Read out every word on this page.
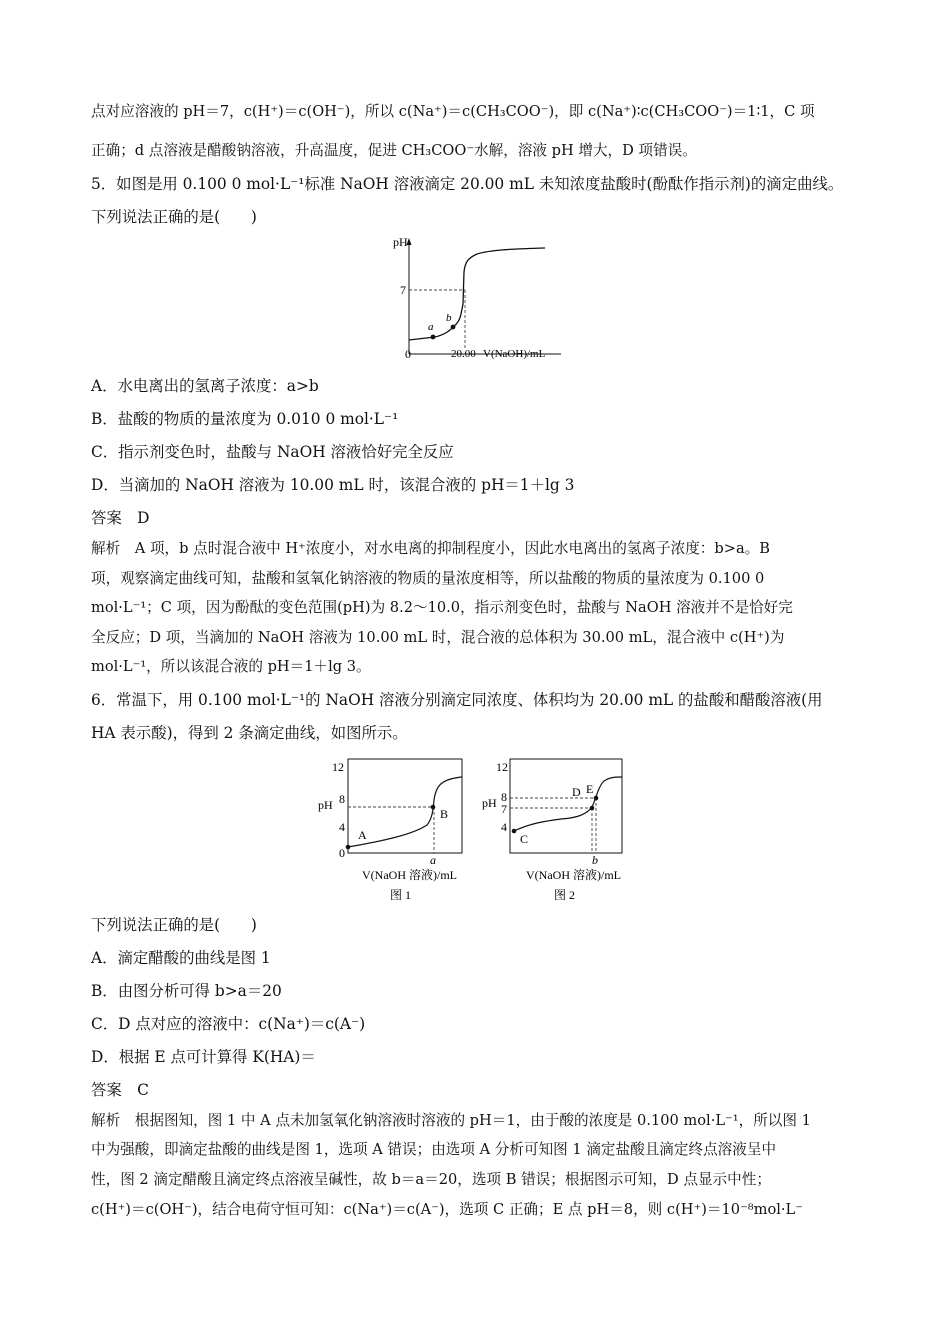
点对应溶液的 pH＝7，c(H⁺)＝c(OH⁻)，所以 c(Na⁺)＝c(CH₃COO⁻)，即 c(Na⁺)∶c(CH₃COO⁻)＝1∶1，C 项
正确；d 点溶液是醋酸钠溶液，升高温度，促进 CH₃COO⁻水解，溶液 pH 增大，D 项错误。
5．如图是用 0.100 0 mol·L⁻¹标准 NaOH 溶液滴定 20.00 mL 未知浓度盐酸时(酚酞作指示剂)的滴定曲线。
下列说法正确的是(　　)
pH
7
0
a
b
20.00 V(NaOH)/mL
A．水电离出的氢离子浓度：a>b
B．盐酸的物质的量浓度为 0.010 0 mol·L⁻¹
C．指示剂变色时，盐酸与 NaOH 溶液恰好完全反应
D．当滴加的 NaOH 溶液为 10.00 mL 时，该混合液的 pH＝1＋lg 3
答案　D
解析　A 项，b 点时混合液中 H⁺浓度小，对水电离的抑制程度小，因此水电离出的氢离子浓度：b>a。B
项，观察滴定曲线可知，盐酸和氢氧化钠溶液的物质的量浓度相等，所以盐酸的物质的量浓度为 0.100 0
mol·L⁻¹；C 项，因为酚酞的变色范围(pH)为 8.2～10.0，指示剂变色时，盐酸与 NaOH 溶液并不是恰好完
全反应；D 项，当滴加的 NaOH 溶液为 10.00 mL 时，混合液的总体积为 30.00 mL，混合液中 c(H⁺)为
mol·L⁻¹，所以该混合液的 pH＝1＋lg 3。
6．常温下，用 0.100 mol·L⁻¹的 NaOH 溶液分别滴定同浓度、体积均为 20.00 mL 的盐酸和醋酸溶液(用
HA 表示酸)，得到 2 条滴定曲线，如图所示。
12
pH 8
4
0
A
B
a
V(NaOH 溶液)/mL
图 1
12
pH 8
7
4
C
D E
b
V(NaOH 溶液)/mL
图 2
下列说法正确的是(　　)
A．滴定醋酸的曲线是图 1
B．由图分析可得 b>a＝20
C．D 点对应的溶液中：c(Na⁺)＝c(A⁻)
D．根据 E 点可计算得 K(HA)＝
答案　C
解析　根据图知，图 1 中 A 点未加氢氧化钠溶液时溶液的 pH＝1，由于酸的浓度是 0.100 mol·L⁻¹，所以图 1
中为强酸，即滴定盐酸的曲线是图 1，选项 A 错误；由选项 A 分析可知图 1 滴定盐酸且滴定终点溶液呈中
性，图 2 滴定醋酸且滴定终点溶液呈碱性，故 b＝a＝20，选项 B 错误；根据图示可知，D 点显示中性；
c(H⁺)＝c(OH⁻)，结合电荷守恒可知：c(Na⁺)＝c(A⁻)，选项 C 正确；E 点 pH＝8，则 c(H⁺)＝10⁻⁸mol·L⁻
